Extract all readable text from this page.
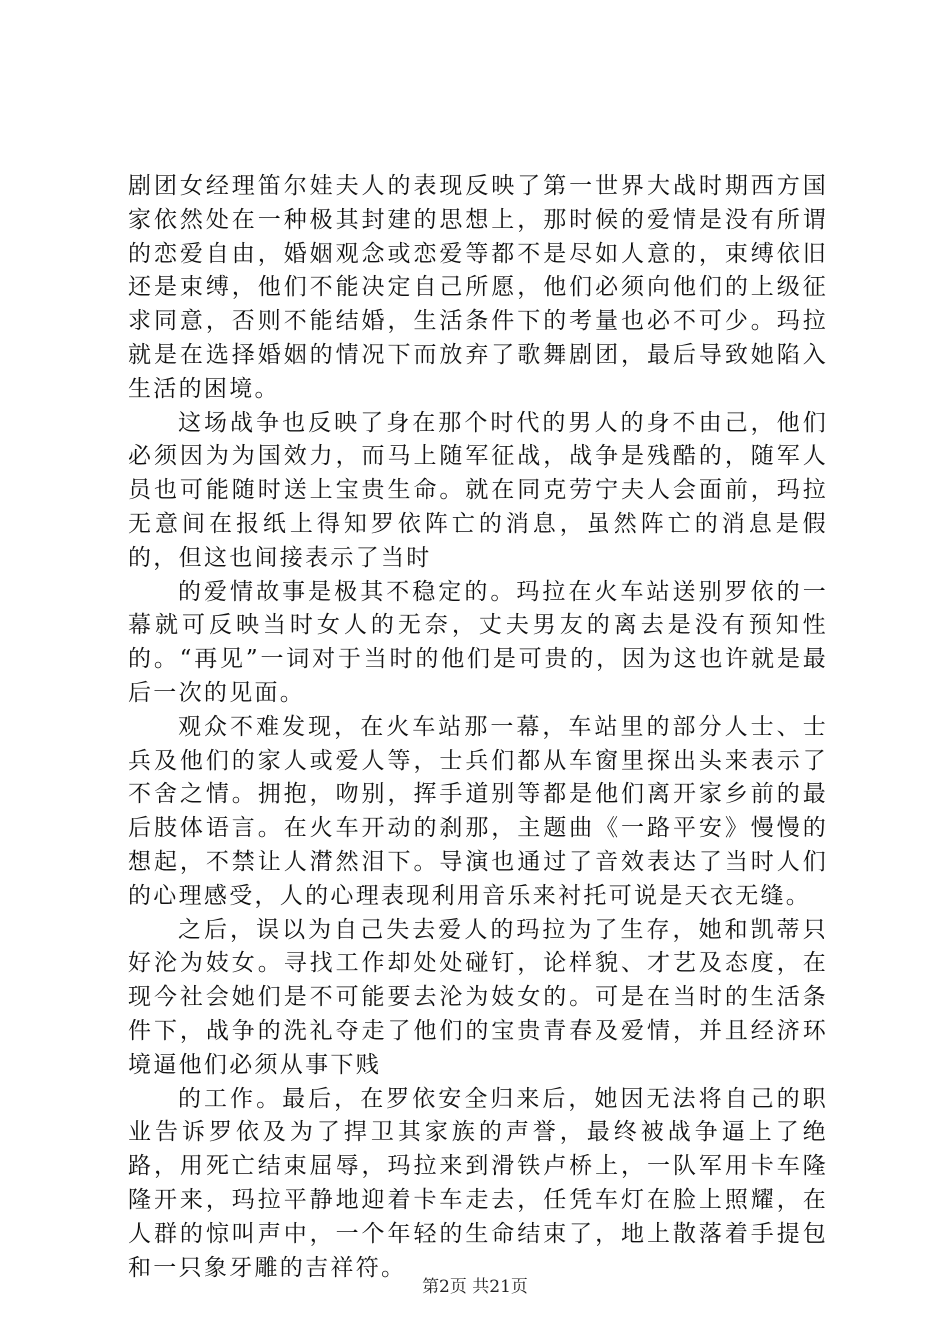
剧团女经理笛尔娃夫人的表现反映了第一世界大战时期西方国家依然处在一种极其封建的思想上，那时候的爱情是没有所谓的恋爱自由，婚姻观念或恋爱等都不是尽如人意的，束缚依旧还是束缚，他们不能决定自己所愿，他们必须向他们的上级征求同意，否则不能结婚，生活条件下的考量也必不可少。玛拉就是在选择婚姻的情况下而放弃了歌舞剧团，最后导致她陷入生活的困境。

这场战争也反映了身在那个时代的男人的身不由己，他们必须因为为国效力，而马上随军征战，战争是残酷的，随军人员也可能随时送上宝贵生命。就在同克劳宁夫人会面前，玛拉无意间在报纸上得知罗依阵亡的消息，虽然阵亡的消息是假的，但这也间接表示了当时

的爱情故事是极其不稳定的。玛拉在火车站送别罗依的一幕就可反映当时女人的无奈，丈夫男友的离去是没有预知性的。“再见”一词对于当时的他们是可贵的，因为这也许就是最后一次的见面。

观众不难发现，在火车站那一幕，车站里的部分人士、士兵及他们的家人或爱人等，士兵们都从车窗里探出头来表示了不舍之情。拥抱，吻别，挥手道别等都是他们离开家乡前的最后肢体语言。在火车开动的刹那，主题曲《一路平安》慢慢的想起，不禁让人潸然泪下。导演也通过了音效表达了当时人们的心理感受，人的心理表现利用音乐来衬托可说是天衣无缝。

之后，误以为自己失去爱人的玛拉为了生存，她和凯蒂只好沦为妓女。寻找工作却处处碰钉，论样貌、才艺及态度，在现今社会她们是不可能要去沦为妓女的。可是在当时的生活条件下，战争的洗礼夺走了他们的宝贵青春及爱情，并且经济环境逼他们必须从事下贱

的工作。最后，在罗依安全归来后，她因无法将自己的职业告诉罗依及为了捍卫其家族的声誉，最终被战争逼上了绝路，用死亡结束屈辱，玛拉来到滑铁卢桥上，一队军用卡车隆隆开来，玛拉平静地迎着卡车走去，任凭车灯在脸上照耀，在人群的惊叫声中，一个年轻的生命结束了，地上散落着手提包和一只象牙雕的吉祥符。

第2页 共21页
